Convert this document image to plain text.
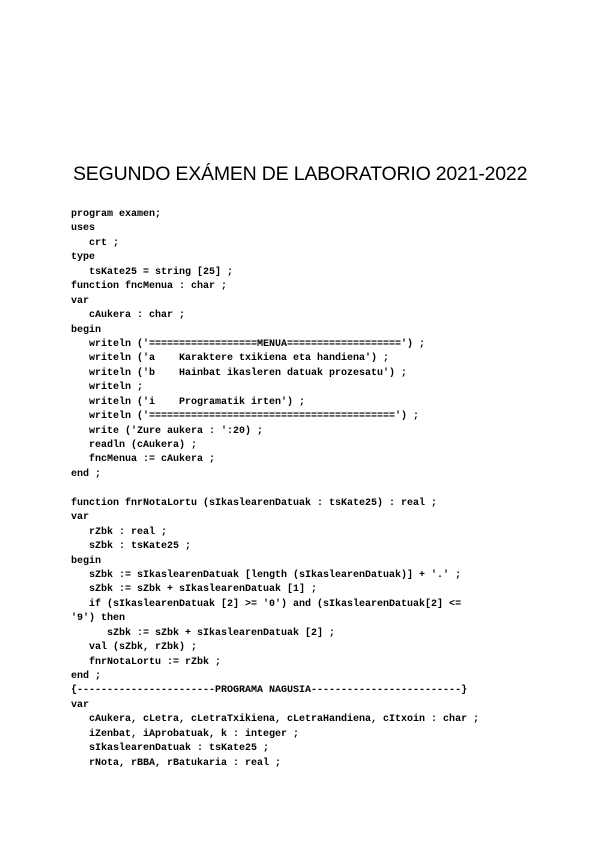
SEGUNDO EXÁMEN DE LABORATORIO 2021-2022
program examen;
uses
crt ;
type
tsKate25 = string [25] ;
function fncMenua : char ;
var
cAukera : char ;
begin
writeln ('==================MENUA===================') ;
writeln ('a    Karaktere txikiena eta handiena') ;
writeln ('b    Hainbat ikasleren datuak prozesatu') ;
writeln ;
writeln ('i    Programatik irten') ;
writeln ('=========================================') ;
write ('Zure aukera : ':20) ;
readln (cAukera) ;
fncMenua := cAukera ;
end ;
function fnrNotaLortu (sIkaslearenDatuak : tsKate25) : real ;
var
rZbk : real ;
sZbk : tsKate25 ;
begin
sZbk := sIkaslearenDatuak [length (sIkaslearenDatuak)] + '.' ;
sZbk := sZbk + sIkaslearenDatuak [1] ;
if (sIkaslearenDatuak [2] >= '0') and (sIkaslearenDatuak[2] <=
'9') then
sZbk := sZbk + sIkaslearenDatuak [2] ;
val (sZbk, rZbk) ;
fnrNotaLortu := rZbk ;
end ;
{-----------------------PROGRAMA NAGUSIA-------------------------}
var
cAukera, cLetra, cLetraTxikiena, cLetraHandiena, cItxoin : char ;
iZenbat, iAprobatuak, k : integer ;
sIkaslearenDatuak : tsKate25 ;
rNota, rBBA, rBatukaria : real ;
